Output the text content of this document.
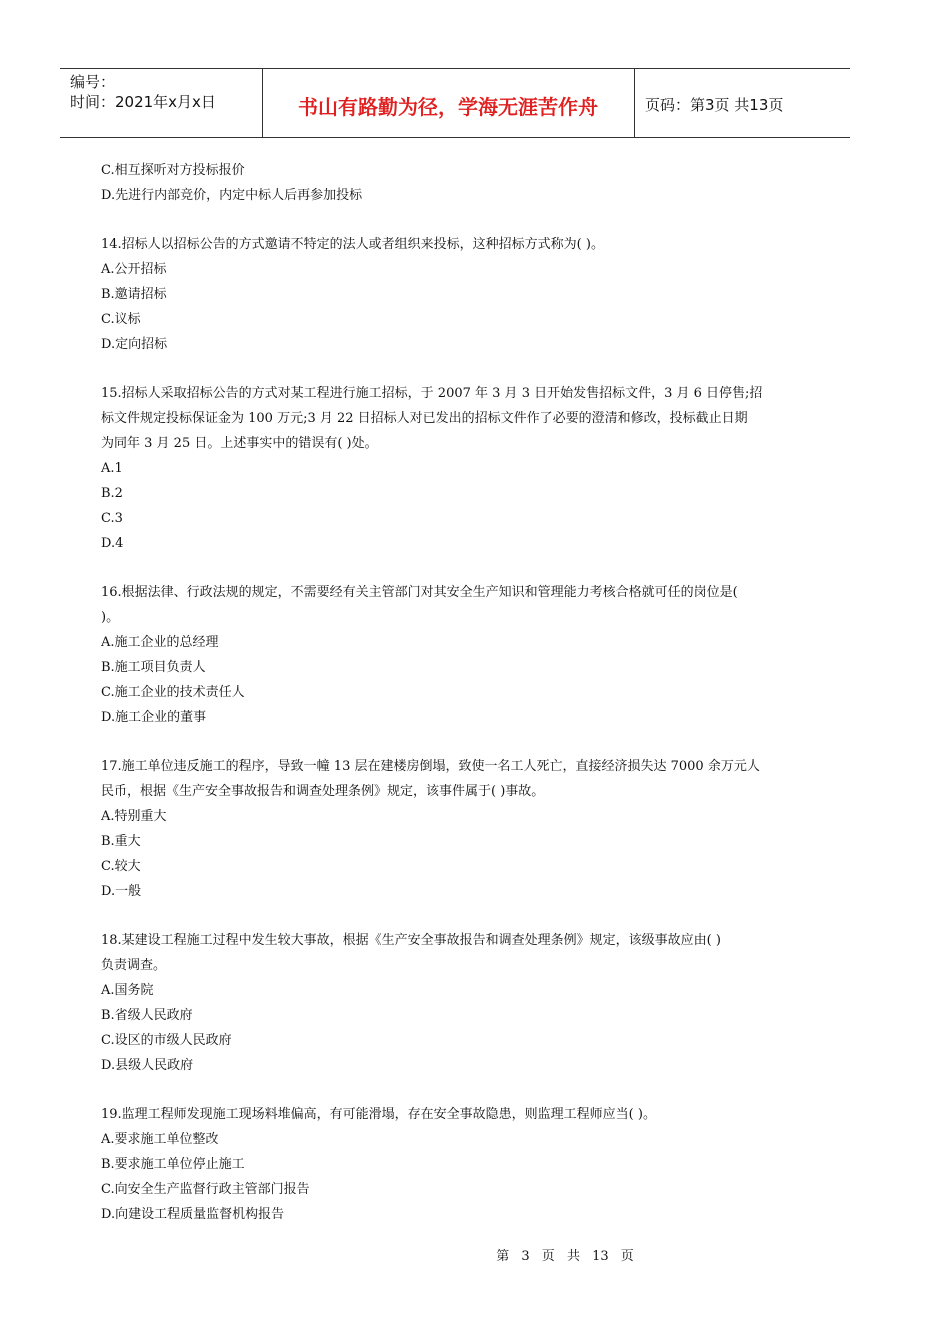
编号：
时间：2021年x月x日	书山有路勤为径，学海无涯苦作舟	页码：第3页 共13页
C.相互探听对方投标报价
D.先进行内部竞价，内定中标人后再参加投标
14.招标人以招标公告的方式邀请不特定的法人或者组织来投标，这种招标方式称为( )。
A.公开招标
B.邀请招标
C.议标
D.定向招标
15.招标人采取招标公告的方式对某工程进行施工招标，于 2007 年 3 月 3 日开始发售招标文件，3 月 6 日停售;招
标文件规定投标保证金为 100 万元;3 月 22 日招标人对已发出的招标文件作了必要的澄清和修改，投标截止日期
为同年 3 月 25 日。上述事实中的错误有( )处。
A.1
B.2
C.3
D.4
16.根据法律、行政法规的规定，不需要经有关主管部门对其安全生产知识和管理能力考核合格就可任的岗位是(
)。
A.施工企业的总经理
B.施工项目负责人
C.施工企业的技术责任人
D.施工企业的董事
17.施工单位违反施工的程序，导致一幢 13 层在建楼房倒塌，致使一名工人死亡，直接经济损失达 7000 余万元人
民币，根据《生产安全事故报告和调查处理条例》规定，该事件属于( )事故。
A.特别重大
B.重大
C.较大
D.一般
18.某建设工程施工过程中发生较大事故，根据《生产安全事故报告和调查处理条例》规定，该级事故应由( )
负责调查。
A.国务院
B.省级人民政府
C.设区的市级人民政府
D.县级人民政府
19.监理工程师发现施工现场料堆偏高，有可能滑塌，存在安全事故隐患，则监理工程师应当( )。
A.要求施工单位整改
B.要求施工单位停止施工
C.向安全生产监督行政主管部门报告
D.向建设工程质量监督机构报告
第 3 页 共 13 页
